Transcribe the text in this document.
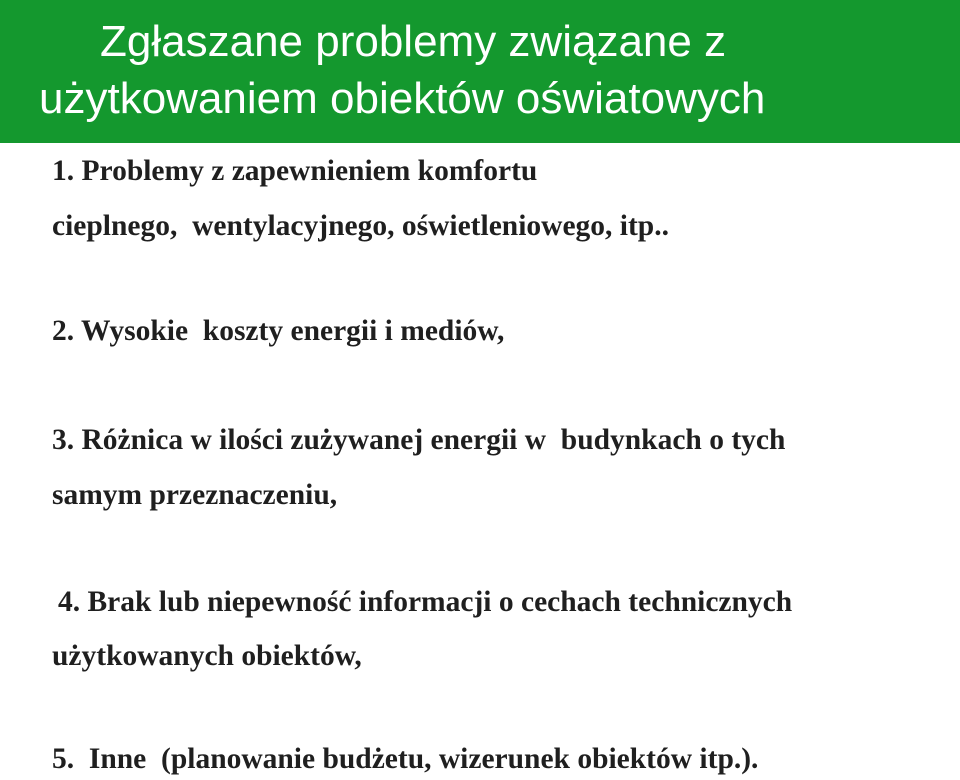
Zgłaszane problemy związane z
użytkowaniem obiektów oświatowych

1. Problemy z zapewnieniem komfortu

cieplnego,  wentylacyjnego, oświetleniowego, itp..

2. Wysokie  koszty energii i mediów,

3. Różnica w ilości zużywanej energii w  budynkach o tych

samym przeznaczeniu,

4. Brak lub niepewność informacji o cechach technicznych

użytkowanych obiektów,

5.  Inne  (planowanie budżetu, wizerunek obiektów itp.).
